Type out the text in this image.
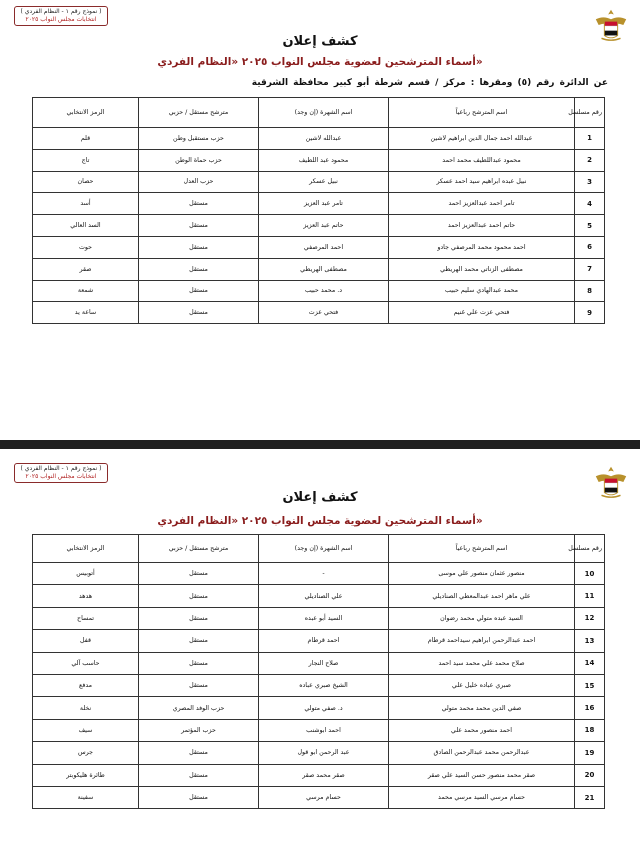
( نموذج رقم ١ - النظام الفردي )
انتخابات مجلس النواب ٢٠٢٥
كشف إعلان
أسماء المترشحين لعضوية مجلس النواب ٢٠٢٥ «النظام الفردي»
عن الدائرة رقم (٥) ومقرها : مركز / قسم شرطة أبو كبير محافظة الشرقية
رقم مسلسل	اسم المترشح رباعياً	اسم الشهرة (إن وجد)	مترشح مستقل / حزبي	الرمز الانتخابي
1	عبدالله احمد جمال الدين ابراهيم لاشين	عبدالله لاشين	حزب مستقبل وطن	قلم
2	محمود عبداللطيف محمد احمد	محمود عبد اللطيف	حزب حماة الوطن	تاج
3	نبيل عبده ابراهيم سيد احمد عسكر	نبيل عسكر	حزب العدل	حصان
4	تامر احمد عبدالعزيز احمد	تامر عبد العزيز	مستقل	أسد
5	حاتم احمد عبدالعزيز احمد	حاتم عبد العزيز	مستقل	السد العالي
6	احمد محمود محمد المرصفي جادو	احمد المرصفي	مستقل	حوت
7	مصطفى الزناتي محمد الهريطي	مصطفى الهريطي	مستقل	صقر
8	محمد عبدالهادي سليم حبيب	د. محمد حبيب	مستقل	شمعة
9	فتحي عزت علي غنيم	فتحي عزت	مستقل	ساعة يد
( نموذج رقم ١ - النظام الفردي )
انتخابات مجلس النواب ٢٠٢٥
كشف إعلان
أسماء المترشحين لعضوية مجلس النواب ٢٠٢٥ «النظام الفردي»
رقم مسلسل	اسم المترشح رباعياً	اسم الشهرة (إن وجد)	مترشح مستقل / حزبي	الرمز الانتخابي
10	منصور عثمان منصور علي موسى	-	مستقل	أتوبيس
11	علي ماهر احمد عبدالمعطي الصناديلي	علي الصناديلي	مستقل	هدهد
12	السيد عبده متولي محمد رضوان	السيد أبو عبده	مستقل	تمساح
13	احمد عبدالرحمن ابراهيم سيداحمد قرطام	احمد قرطام	مستقل	قفل
14	صلاح محمد علي محمد سيد احمد	صلاح النجار	مستقل	حاسب آلي
15	صبري عباده خليل علي	الشيخ صبري عباده	مستقل	مدفع
16	صفي الدين محمد محمد متولي	د. صفي متولي	حزب الوفد المصري	نخلة
18	احمد منصور محمد علي	احمد ابوشنب	حزب المؤتمر	سيف
19	عبدالرحمن محمد عبدالرحمن الصادق	عبد الرحمن ابو قول	مستقل	جرس
20	صقر محمد منصور حسن السيد علي صقر	صقر محمد صقر	مستقل	طائرة هليكوبتر
21	حسام مرسي السيد مرسي محمد	حسام مرسي	مستقل	سفينة
